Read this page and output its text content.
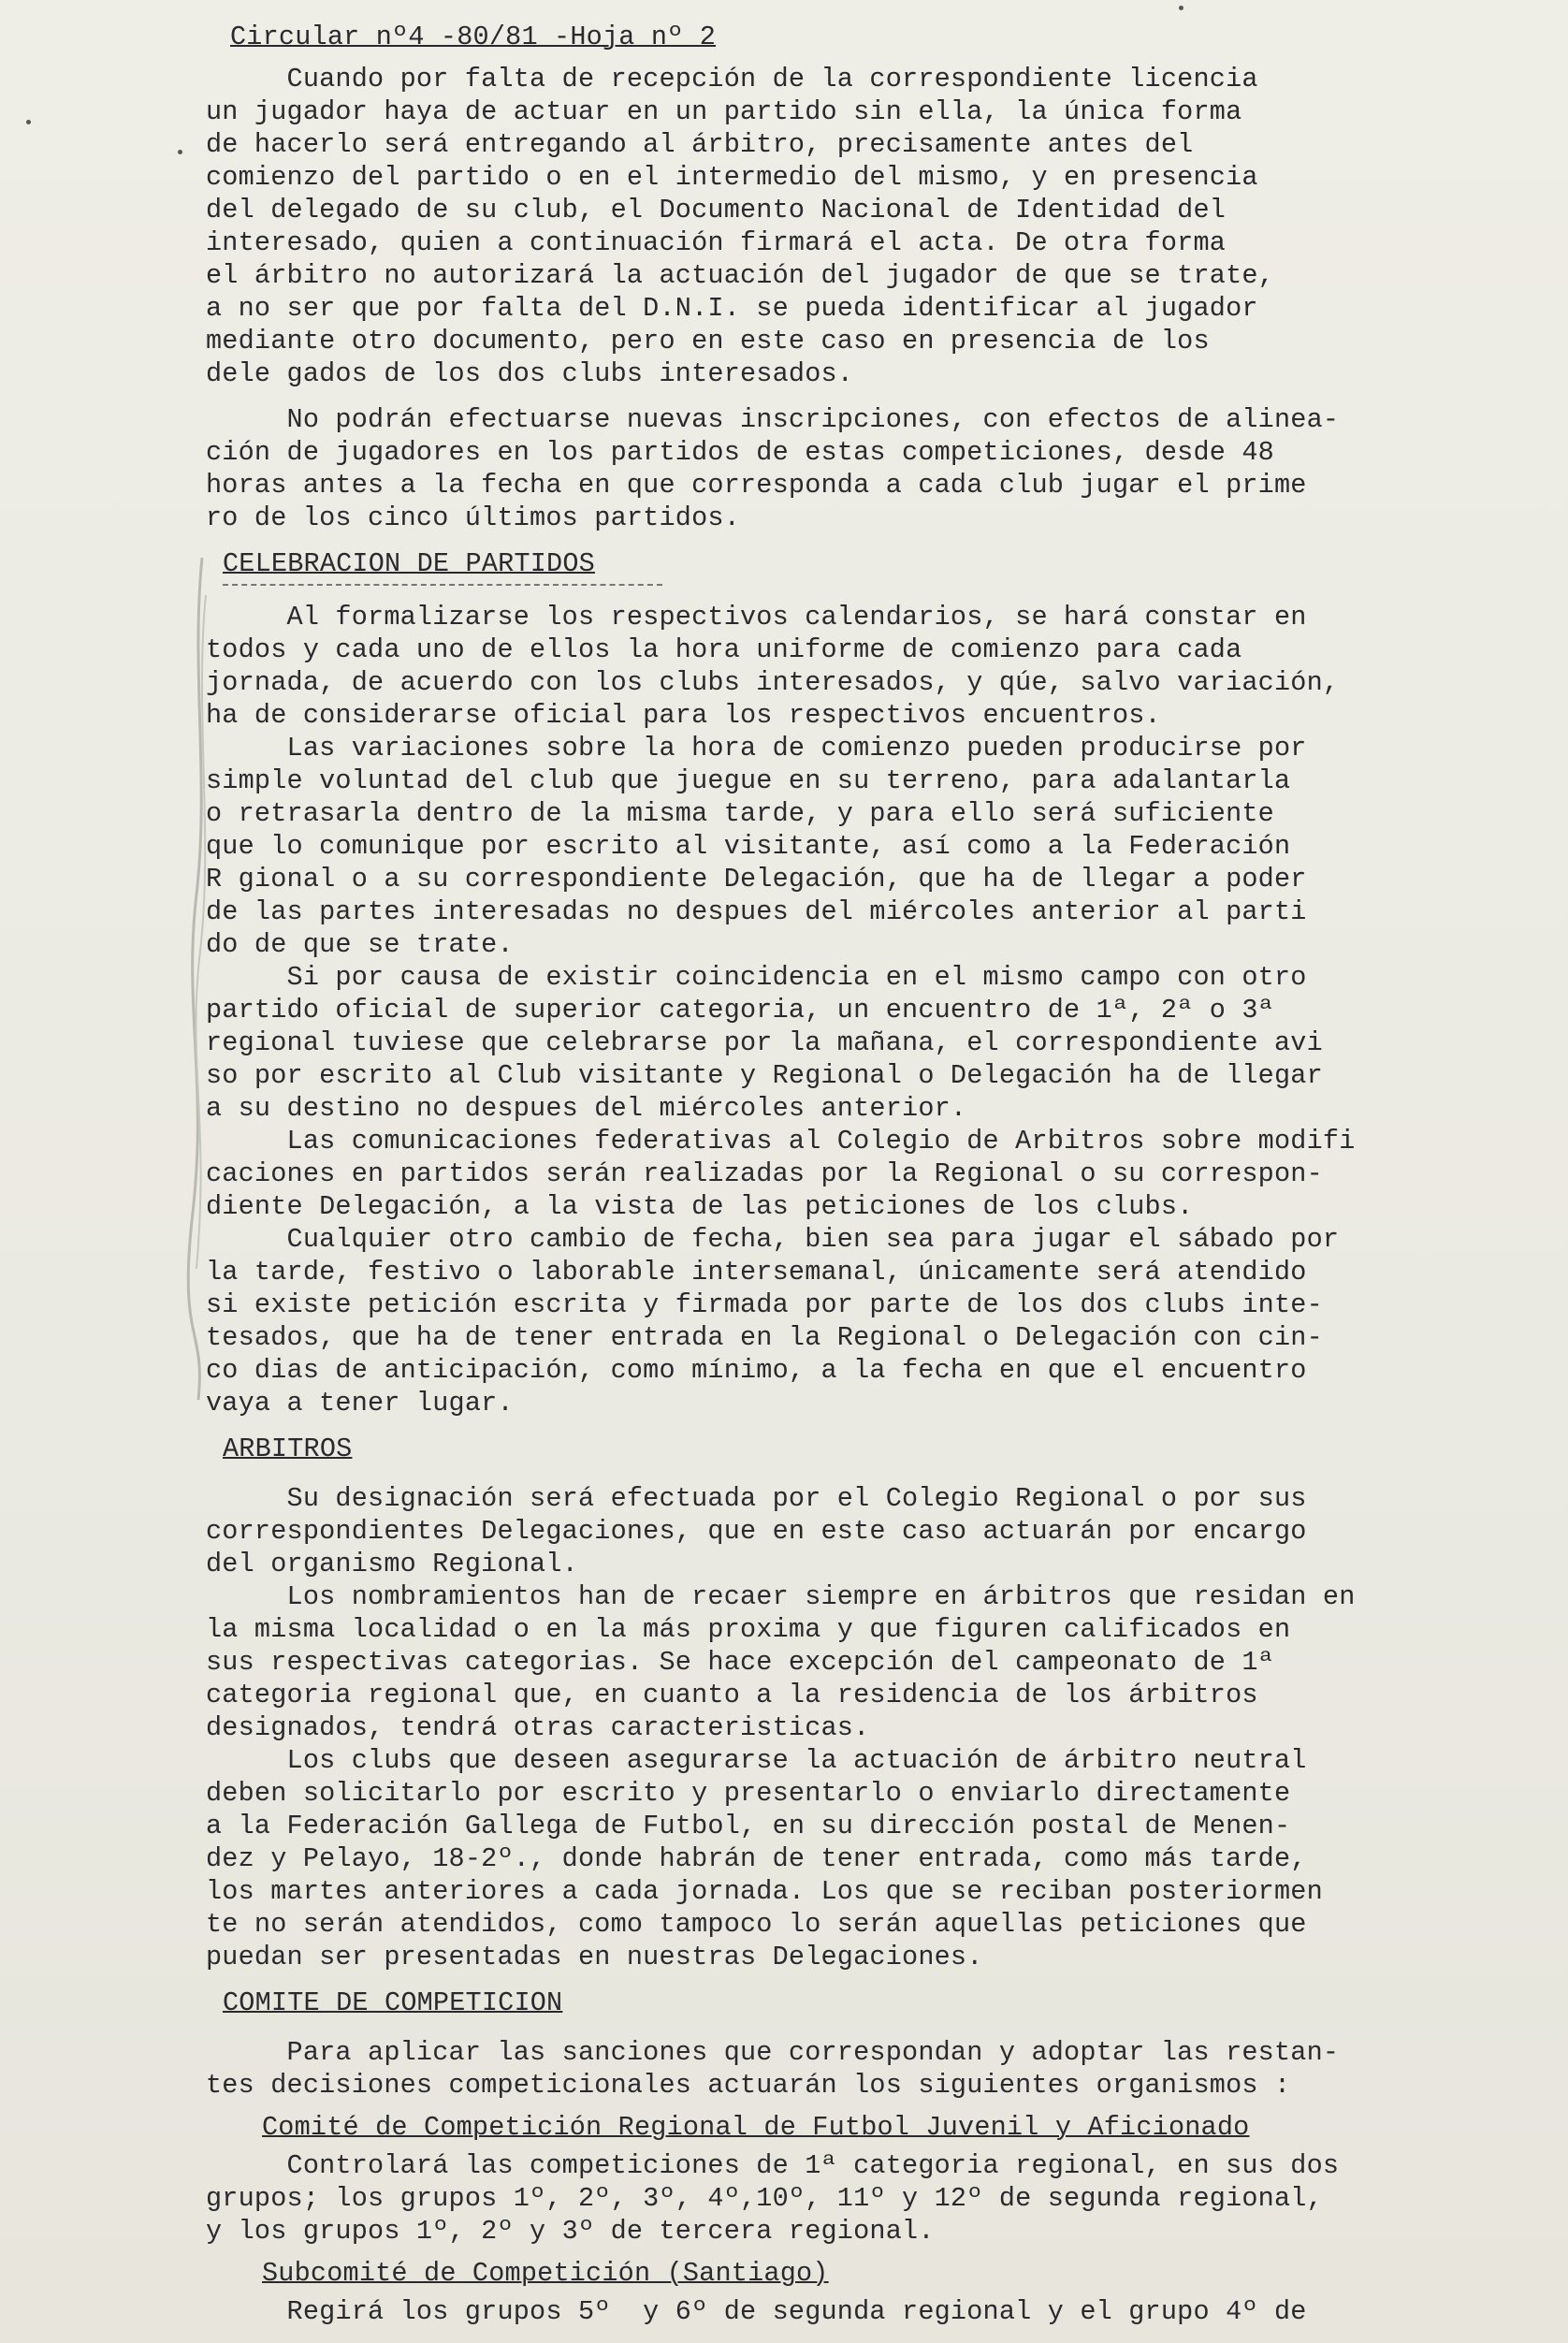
Circular nº4 -80/81 -Hoja nº 2
Cuando por falta de recepción de la correspondiente licencia
un jugador haya de actuar en un partido sin ella, la única forma
de hacerlo será entregando al árbitro, precisamente antes del
comienzo del partido o en el intermedio del mismo, y en presencia
del delegado de su club, el Documento Nacional de Identidad del
interesado, quien a continuación firmará el acta. De otra forma
el árbitro no autorizará la actuación del jugador de que se trate,
a no ser que por falta del D.N.I. se pueda identificar al jugador
mediante otro documento, pero en este caso en presencia de los
dele gados de los dos clubs interesados.
No podrán efectuarse nuevas inscripciones, con efectos de alinea-
ción de jugadores en los partidos de estas competiciones, desde 48
horas antes a la fecha en que corresponda a cada club jugar el prime
ro de los cinco últimos partidos.
CELEBRACION DE PARTIDOS
Al formalizarse los respectivos calendarios, se hará constar en
todos y cada uno de ellos la hora uniforme de comienzo para cada
jornada, de acuerdo con los clubs interesados, y qúe, salvo variación,
ha de considerarse oficial para los respectivos encuentros.
Las variaciones sobre la hora de comienzo pueden producirse por
simple voluntad del club que juegue en su terreno, para adalantarla
o retrasarla dentro de la misma tarde, y para ello será suficiente
que lo comunique por escrito al visitante, así como a la Federación
R gional o a su correspondiente Delegación, que ha de llegar a poder
de las partes interesadas no despues del miércoles anterior al parti
do de que se trate.
Si por causa de existir coincidencia en el mismo campo con otro
partido oficial de superior categoria, un encuentro de 1ª, 2ª o 3ª
regional tuviese que celebrarse por la mañana, el correspondiente avi
so por escrito al Club visitante y Regional o Delegación ha de llegar
a su destino no despues del miércoles anterior.
Las comunicaciones federativas al Colegio de Arbitros sobre modifi
caciones en partidos serán realizadas por la Regional o su correspon-
diente Delegación, a la vista de las peticiones de los clubs.
Cualquier otro cambio de fecha, bien sea para jugar el sábado por
la tarde, festivo o laborable intersemanal, únicamente será atendido
si existe petición escrita y firmada por parte de los dos clubs inte-
tesados, que ha de tener entrada en la Regional o Delegación con cin-
co dias de anticipación, como mínimo, a la fecha en que el encuentro
vaya a tener lugar.
ARBITROS
Su designación será efectuada por el Colegio Regional o por sus
correspondientes Delegaciones, que en este caso actuarán por encargo
del organismo Regional.
Los nombramientos han de recaer siempre en árbitros que residan en
la misma localidad o en la más proxima y que figuren calificados en
sus respectivas categorias. Se hace excepción del campeonato de 1ª
categoria regional que, en cuanto a la residencia de los árbitros
designados, tendrá otras caracteristicas.
Los clubs que deseen asegurarse la actuación de árbitro neutral
deben solicitarlo por escrito y presentarlo o enviarlo directamente
a la Federación Gallega de Futbol, en su dirección postal de Menen-
dez y Pelayo, 18-2º., donde habrán de tener entrada, como más tarde,
los martes anteriores a cada jornada. Los que se reciban posteriormen
te no serán atendidos, como tampoco lo serán aquellas peticiones que
puedan ser presentadas en nuestras Delegaciones.
COMITE DE COMPETICION
Para aplicar las sanciones que correspondan y adoptar las restan-
tes decisiones competicionales actuarán los siguientes organismos :
Comité de Competición Regional de Futbol Juvenil y Aficionado
Controlará las competiciones de 1ª categoria regional, en sus dos
grupos; los grupos 1º, 2º, 3º, 4º,10º, 11º y 12º de segunda regional,
y los grupos 1º, 2º y 3º de tercera regional.
Subcomité de Competición (Santiago)
Regirá los grupos 5º  y 6º de segunda regional y el grupo 4º de
